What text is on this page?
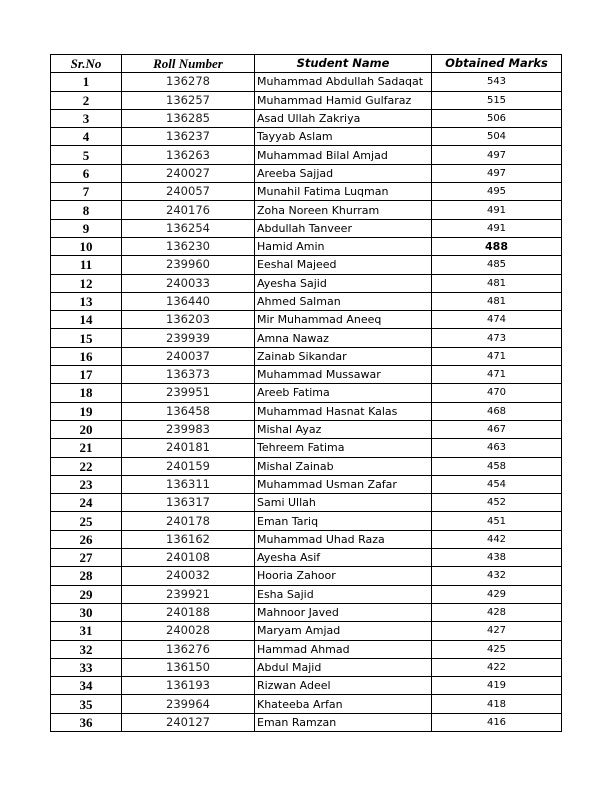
Sr.No	Roll Number	Student Name	Obtained Marks
1	136278	Muhammad Abdullah Sadaqat	543
2	136257	Muhammad Hamid Gulfaraz	515
3	136285	Asad Ullah Zakriya	506
4	136237	Tayyab Aslam	504
5	136263	Muhammad Bilal Amjad	497
6	240027	Areeba Sajjad	497
7	240057	Munahil Fatima Luqman	495
8	240176	Zoha Noreen Khurram	491
9	136254	Abdullah Tanveer	491
10	136230	Hamid Amin	488
11	239960	Eeshal Majeed	485
12	240033	Ayesha Sajid	481
13	136440	Ahmed Salman	481
14	136203	Mir Muhammad Aneeq	474
15	239939	Amna Nawaz	473
16	240037	Zainab Sikandar	471
17	136373	Muhammad Mussawar	471
18	239951	Areeb Fatima	470
19	136458	Muhammad Hasnat Kalas	468
20	239983	Mishal Ayaz	467
21	240181	Tehreem Fatima	463
22	240159	Mishal Zainab	458
23	136311	Muhammad Usman Zafar	454
24	136317	Sami Ullah	452
25	240178	Eman Tariq	451
26	136162	Muhammad Uhad Raza	442
27	240108	Ayesha Asif	438
28	240032	Hooria Zahoor	432
29	239921	Esha Sajid	429
30	240188	Mahnoor Javed	428
31	240028	Maryam Amjad	427
32	136276	Hammad Ahmad	425
33	136150	Abdul Majid	422
34	136193	Rizwan Adeel	419
35	239964	Khateeba Arfan	418
36	240127	Eman Ramzan	416
